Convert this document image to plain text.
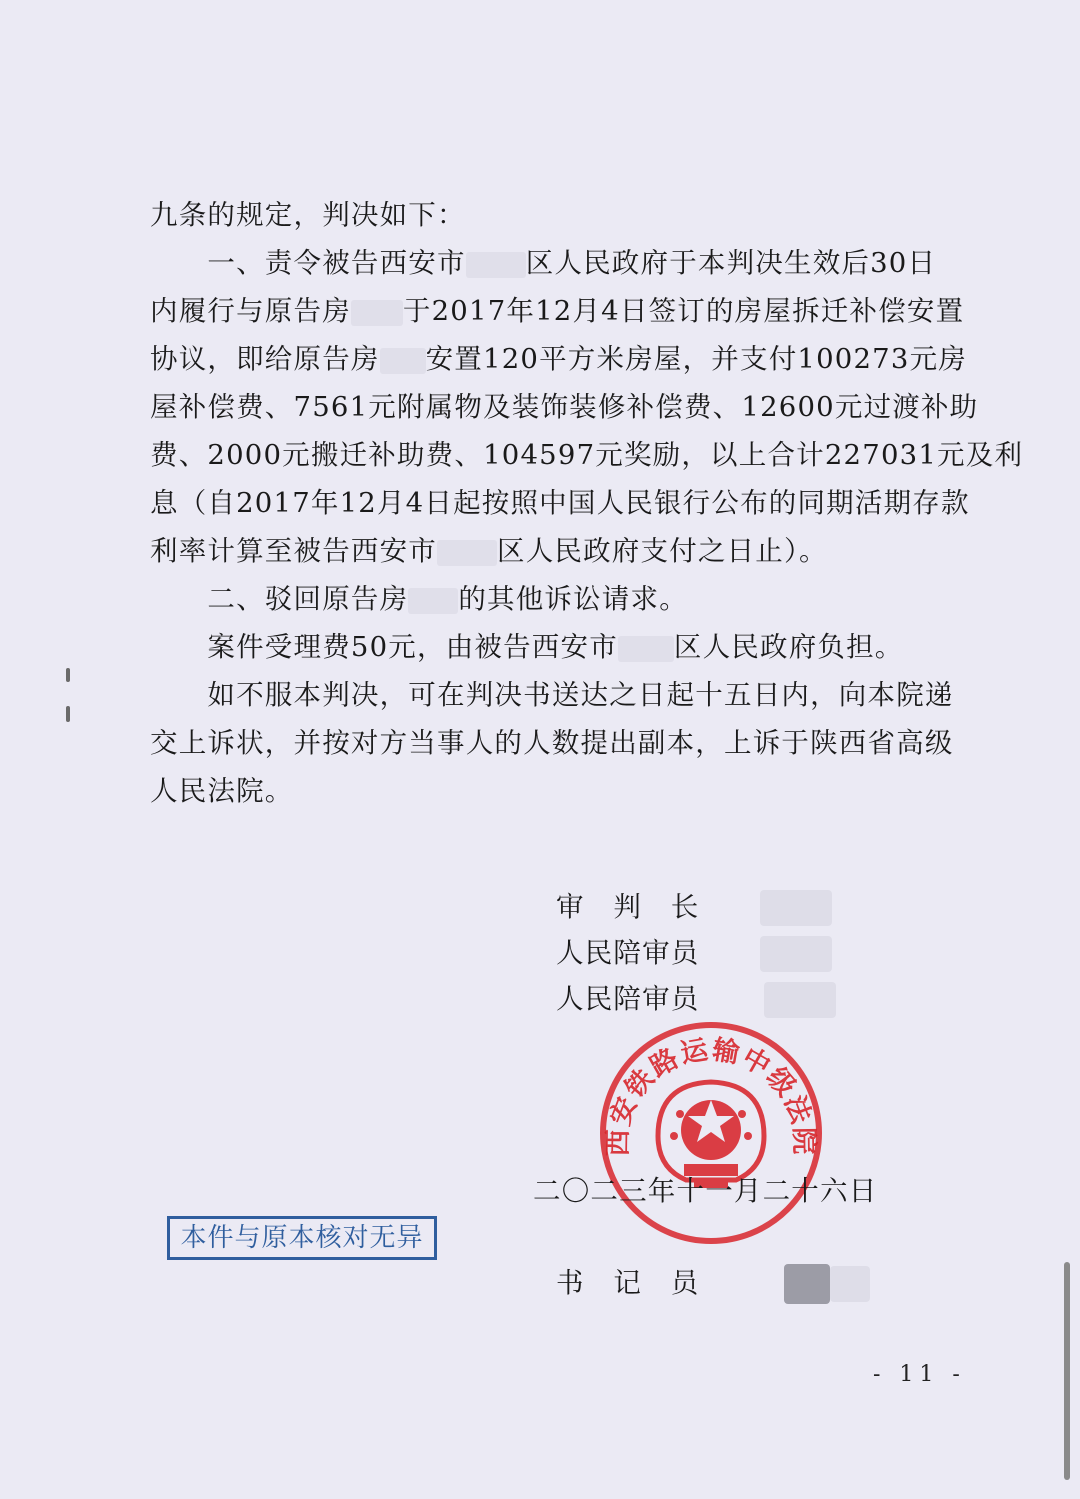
九条的规定，判决如下：
　　一、责令被告西安市 区人民政府于本判决生效后30日
内履行与原告房 于2017年12月4日签订的房屋拆迁补偿安置
协议，即给原告房 安置120平方米房屋，并支付100273元房
屋补偿费、7561元附属物及装饰装修补偿费、12600元过渡补助
费、2000元搬迁补助费、104597元奖励，以上合计227031元及利
息（自2017年12月4日起按照中国人民银行公布的同期活期存款
利率计算至被告西安市 区人民政府支付之日止）。
　　二、驳回原告房 的其他诉讼请求。
　　案件受理费50元，由被告西安市 区人民政府负担。
　　如不服本判决，可在判决书送达之日起十五日内，向本院递
交上诉状，并按对方当事人的人数提出副本，上诉于陕西省高级
人民法院。
审　判　长
人民陪审员
人民陪审员
西安铁路运输中级法院
二〇二三年十一月二十六日
本件与原本核对无异
书　记　员
- 11 -
